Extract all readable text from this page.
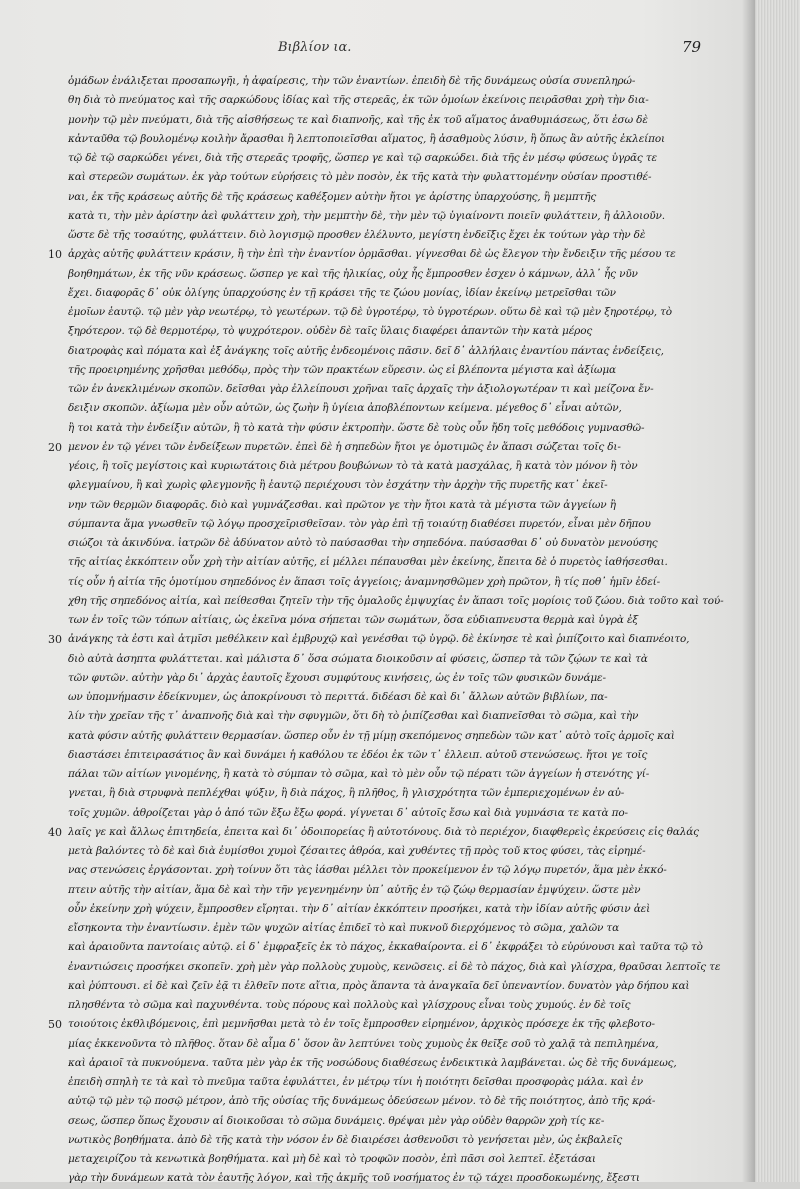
Βιβλίον ια.	79
ὁμάδων ἐνάλιξεται προσαπωγῆι, ἡ ἀφαίρεσις, τὴν τῶν ἐναντίων. ἐπειδὴ δὲ τῆς δυνάμεως οὐσία συνεπληρώ-
θη διὰ τὸ πνεύματος καὶ τῆς σαρκώδους ἰδίας καὶ τῆς στερεᾶς, ἐκ τῶν ὁμοίων ἐκείνοις πειρᾶσθαι χρὴ τὴν δια-
μονὴν τῷ μὲν πνεύματι, διὰ τῆς αἰσθήσεως τε καὶ διαπνοῆς, καὶ τῆς ἐκ τοῦ αἵματος ἀναθυμιάσεως, ὅτι ἐσω δὲ
κἀνταῦθα τῷ βουλομένῳ κοιλὴν ἄρασθαι ἢ λεπτοποιεῖσθαι αἵματος, ἢ ἀσαθμοὺς λύσιν, ἢ ὅπως ἂν αὐτῆς ἐκλείποι
τῷ δὲ τῷ σαρκώδει γένει, διὰ τῆς στερεᾶς τροφῆς, ὥσπερ γε καὶ τῷ σαρκώδει. διὰ τῆς ἐν μέσῳ φύσεως ὑγρᾶς τε
καὶ στερεῶν σωμάτων. ἐκ γὰρ τούτων εὑρήσεις τὸ μὲν ποσὸν, ἐκ τῆς κατὰ τὴν φυλαττομένην οὐσίαν προστιθέ-
ναι, ἐκ τῆς κράσεως αὐτῆς δὲ τῆς κράσεως καθέξομεν αὐτὴν ἤτοι γε ἀρίστης ὑπαρχούσης, ἢ μεμπτῆς
κατὰ τι, τὴν μὲν ἀρίστην ἀεὶ φυλάττειν χρὴ, τὴν μεμπτὴν δὲ, τὴν μὲν τῷ ὑγιαίνοντι ποιεῖν φυλάττειν, ἢ ἀλλοιοῦν.
ὥστε δὲ τῆς τοσαύτης, φυλάττειν. διὸ λογισμῷ προσθεν ἐλέλυντο, μεγίστη ἐνδεῖξις ἔχει ἐκ τούτων γὰρ τὴν δὲ
ἀρχὰς αὐτῆς φυλάττειν κράσιν, ἢ τὴν ἐπὶ τὴν ἐναντίον ὁρμᾶσθαι. γίγνεσθαι δὲ ὡς ἔλεγον τὴν ἔνδειξιν τῆς μέσου τε
βοηθημάτων, ἐκ τῆς νῦν κράσεως. ὥσπερ γε καὶ τῆς ἡλικίας, οὐχ ἧς ἔμπροσθεν ἐσχεν ὁ κάμνων, ἀλλ᾽ ἧς νῦν
ἔχει. διαφορᾶς δ᾽ οὐκ ὀλίγης ὑπαρχούσης ἐν τῇ κράσει τῆς τε ζώου μονίας, ἰδίαν ἐκείνῳ μετρεῖσθαι τῶν
ἐμοῖων ἑαυτῷ. τῷ μὲν γὰρ νεωτέρῳ, τὸ γεωτέρων. τῷ δὲ ὑγροτέρῳ, τὸ ὑγροτέρων. οὕτω δὲ καὶ τῷ μὲν ξηροτέρῳ, τὸ
ξηρότερον. τῷ δὲ θερμοτέρῳ, τὸ ψυχρότερον. οὐδὲν δὲ ταῖς ὕλαις διαφέρει ἀπαντῶν τὴν κατὰ μέρος
διατροφὰς καὶ πόματα καὶ ἐξ ἀνάγκης τοῖς αὐτῆς ἐνδεομένοις πᾶσιν. δεῖ δ᾽ ἀλλήλαις ἐναντίου πάντας ἐνδείξεις,
τῆς προειρημένης χρῆσθαι μεθόδῳ, πρὸς τὴν τῶν πρακτέων εὕρεσιν. ὡς εἰ βλέποντα μέγιστα καὶ ἀξίωμα
τῶν ἐν ἀνεκλιμένων σκοπῶν. δεῖσθαι γὰρ ἐλλείπουσι χρῆναι ταῖς ἀρχαῖς τὴν ἀξιολογωτέραν τι καὶ μείζονα ἔν-
δειξιν σκοπῶν. ἀξίωμα μὲν οὖν αὐτῶν, ὡς ζωὴν ἢ ὑγίεια ἀποβλέποντων κείμενα. μέγεθος δ᾽ εἶναι αὐτῶν,
ἢ τοι κατὰ τὴν ἐνδείξιν αὐτῶν, ἢ τὸ κατὰ τὴν φύσιν ἐκτροπὴν. ὥστε δὲ τοὺς οὖν ἤδη τοῖς μεθόδοις γυμνασθῶ-
μενον ἐν τῷ γένει τῶν ἐνδείξεων πυρετῶν. ἐπεὶ δὲ ἡ σηπεδὼν ἤτοι γε ὁμοτιμῶς ἐν ἅπασι σώζεται τοῖς δι-
γέοις, ἢ τοῖς μεγίστοις καὶ κυριωτάτοις διὰ μέτρου βουβώνων τὸ τὰ κατὰ μασχάλας, ἢ κατὰ τὸν μόνον ἢ τὸν
φλεγμαίνου, ἢ καὶ χωρὶς φλεγμονῆς ἢ ἑαυτῷ περιέχουσι τὸν ἐσχάτην τὴν ἀρχὴν τῆς πυρετῆς κατ᾽ ἐκεῖ-
νην τῶν θερμῶν διαφορᾶς. διὸ καὶ γυμνάζεσθαι. καὶ πρῶτον γε τὴν ἤτοι κατὰ τὰ μέγιστα τῶν ἀγγείων ἢ
σύμπαντα ἅμα γνωσθεῖν τῷ λόγῳ προσχεῖρισθεῖσαν. τὸν γὰρ ἐπὶ τῇ τοιαύτῃ διαθέσει πυρετόν, εἶναι μὲν δῆπου
σιώζοι τὰ ἀκινδύνα. ἰατρῶν δὲ ἀδύνατον αὐτὸ τὸ παύσασθαι τὴν σηπεδόνα. παύσασθαι δ᾽ οὐ δυνατὸν μενούσης
τῆς αἰτίας ἐκκόπτειν οὖν χρὴ τὴν αἰτίαν αὐτῆς, εἰ μέλλει πέπαυσθαι μὲν ἐκείνης, ἔπειτα δὲ ὁ πυρετὸς ἰαθήσεσθαι.
τίς οὖν ἡ αἰτία τῆς ὁμοτίμου σηπεδόνος ἐν ἅπασι τοῖς ἀγγείοις; ἀναμνησθῶμεν χρὴ πρῶτον, ἢ τίς ποθ᾽ ἡμῖν ἐδεί-
χθη τῆς σηπεδόνος αἰτία, καὶ πείθεσθαι ζητεῖν τὴν τῆς ὁμαλοῦς ἐμψυχίας ἐν ἅπασι τοῖς μορίοις τοῦ ζώου. διὰ τοῦτο καὶ τού-
των ἐν τοῖς τῶν τόπων αἰτίαις, ὡς ἐκεῖνα μόνα σήπεται τῶν σωμάτων, ὅσα εὐδιαπνευστα θερμὰ καὶ ὑγρὰ ἐξ
ἀνάγκης τὰ ἐστι καὶ ἀτμῖσι μεθέλκειν καὶ ἐμβρυχῷ καὶ γενέσθαι τῷ ὑγρῷ. δὲ ἐκίνησε τὲ καὶ ῥιπίζοιτο καὶ διαπνέοιτο,
διὸ αὐτὰ ἀσηπτα φυλάττεται. καὶ μάλιστα δ᾽ ὅσα σώματα διοικοῦσιν αἱ φύσεις, ὥσπερ τὰ τῶν ζῴων τε καὶ τὰ
τῶν φυτῶν. αὐτὴν γὰρ δι᾽ ἀρχὰς ἑαυτοῖς ἔχουσι συμφύτους κινήσεις, ὡς ἐν τοῖς τῶν φυσικῶν δυνάμε-
ων ὑπομνήμασιν ἐδείκνυμεν, ὡς ἀποκρίνουσι τὸ περιττά. διδέασι δὲ καὶ δι᾽ ἄλλων αὐτῶν βιβλίων, πα-
λίν τὴν χρεῖαν τῆς τ᾽ ἀναπνοῆς διὰ καὶ τὴν σφυγμῶν, ὅτι δὴ τὸ ῥιπίζεσθαι καὶ διαπνεῖσθαι τὸ σῶμα, καὶ τὴν
κατὰ φύσιν αὐτῆς φυλάττειν θερμασίαν. ὥσπερ οὖν ἐν τῇ μίμῃ σκεπόμενος σηπεδὼν τῶν κατ᾽ αὐτὸ τοῖς ἀρμοῖς καὶ
διαστάσει ἐπιτειρασάτιος ἂν καὶ δυνάμει ἡ καθόλου τε ἐδέοι ἐκ τῶν τ᾽ ἐλλειπ. αὐτοῦ στενώσεως. ἤτοι γε τοῖς
πάλαι τῶν αἰτίων γινομένης, ἢ κατὰ τὸ σύμπαν τὸ σῶμα, καὶ τὸ μὲν οὖν τῷ πέρατι τῶν ἀγγείων ἡ στενότης γί-
γνεται, ἢ διὰ στρυφνὰ πεπλέχθαι ψύξιν, ἢ διὰ πάχος, ἢ πλῆθος, ἢ γλισχρότητα τῶν ἐμπεριεχομένων ἐν αὐ-
τοῖς χυμῶν. ἀθροίζεται γὰρ ὁ ἀπό τῶν ἔξω ἔξω φορά. γίγνεται δ᾽ αὐτοῖς ἔσω καὶ διὰ γυμνάσια τε κατὰ πο-
λαῖς γε καὶ ἄλλως ἐπιτηδεία, ἐπειτα καὶ δι᾽ ὁδοιπορείας ἢ αὐτοτόνους. διὰ τὸ περιέχον, διαφθερεὶς ἐκρεύσεις εἰς θαλάς
μετὰ βαλόντες τὸ δὲ καὶ διὰ ἐυμίσθοι χυμοὶ ζέσαιτες ἀθρόα, καὶ χυθέντες τῇ πρὸς τοῦ κτος φύσει, τὰς εἰρημέ-
νας στενώσεις ἐργάσονται. χρὴ τοίνυν ὅτι τὰς ἰάσθαι μέλλει τὸν προκείμενον ἐν τῷ λόγῳ πυρετόν, ἅμα μὲν ἐκκό-
πτειν αὐτῆς τὴν αἰτίαν, ἅμα δὲ καὶ τὴν τῆν γεγενημένην ὑπ᾽ αὐτῆς ἐν τῷ ζώῳ θερμασίαν ἐμψύχειν. ὥστε μὲν
οὖν ἐκείνην χρὴ ψύχειν, ἔμπροσθεν εἴρηται. τὴν δ᾽ αἰτίαν ἐκκόπτειν προσήκει, κατὰ τὴν ἰδίαν αὐτῆς φύσιν ἀεὶ
εἴσηκοντα τὴν ἐναντίωσιν. ἐμὲν τῶν ψυχῶν αἰτίας ἐπιδεῖ τὸ καὶ πυκνοῦ διερχόμενος τὸ σῶμα, χαλῶν τα
καὶ ἀραιοῦντα παντοίαις αὐτῷ. εἰ δ᾽ ἐμφραξεῖς ἐκ τὸ πάχος, ἐκκαθαίροντα. εἰ δ᾽ ἐκφράξει τὸ εὐρύνουσι καὶ ταῦτα τῷ τὸ
ἐναντιώσεις προσήκει σκοπεῖν. χρὴ μὲν γὰρ πολλοὺς χυμοὺς, κενῶσεις. εἰ δὲ τὸ πάχος, διὰ καὶ γλίσχρα, θραῦσαι λεπτοῖς τε
καὶ ῥύπτουσι. εἰ δὲ καὶ ζεῖν ἐᾷ τι ἐλθεῖν ποτε αἴτια, πρὸς ἅπαντα τὰ ἀναγκαῖα δεῖ ὑπεναντίον. δυνατὸν γὰρ δήπου καὶ
πλησθέντα τὸ σῶμα καὶ παχυνθέντα. τοὺς πόρους καὶ πολλοὺς καὶ γλίσχρους εἶναι τοὺς χυμούς. ἐν δὲ τοῖς
τοιούτοις ἐκθλιβόμενοις, ἐπὶ μεμνῆσθαι μετὰ τὸ ἐν τοῖς ἔμπροσθεν εἰρημένον, ἀρχικὸς πρόσεχε ἐκ τῆς φλεβοτο-
μίας ἐκκενοῦντα τὸ πλῆθος. ὅταν δὲ αἷμα δ᾽ ὅσον ἂν λεπτύνει τοὺς χυμοὺς ἐκ θεῖξε σοῦ τὸ χαλᾷ τὰ πεπιλημένα,
καὶ ἀραιοῖ τὰ πυκνούμενα. ταῦτα μὲν γὰρ ἐκ τῆς νοσώδους διαθέσεως ἐνδεικτικὰ λαμβάνεται. ὡς δὲ τῆς δυνάμεως,
ἐπειδὴ σπηλὴ τε τὰ καὶ τὸ πνεῦμα ταῦτα ἐφυλάττει, ἐν μέτρῳ τίνι ἡ ποιότητι δεῖσθαι προσφορὰς μάλα. καὶ ἐν
αὐτῷ τῷ μὲν τῷ ποσῷ μέτρον, ἀπὸ τῆς οὐσίας τῆς δυνάμεως ὁδεύσεων μένον. τὸ δὲ τῆς ποιότητος, ἀπὸ τῆς κρά-
σεως, ὥσπερ ὅπως ἔχουσιν αἱ διοικοῦσαι τὸ σῶμα δυνάμεις. θρέψαι μὲν γὰρ οὐδὲν θαρρῶν χρὴ τίς κε-
νωτικὸς βοηθήματα. ἀπὸ δὲ τῆς κατὰ τὴν νόσον ἐν δὲ διαιρέσει ἀσθενοῦσι τὸ γενήσεται μὲν, ὡς ἐκβαλεῖς
μεταχειρίζου τὰ κενωτικὰ βοηθήματα. καὶ μὴ δὲ καὶ τὸ τροφῶν ποσὸν, ἐπὶ πᾶσι σοὶ λεπτεῖ. ἐξετάσαι
γὰρ τὴν δυνάμεων κατὰ τὸν ἑαυτῆς λόγον, καὶ τῆς ἀκμῆς τοῦ νοσήματος ἐν τῷ τάχει προσδοκωμένης, ἔξεστι
10
20
30
40
50
